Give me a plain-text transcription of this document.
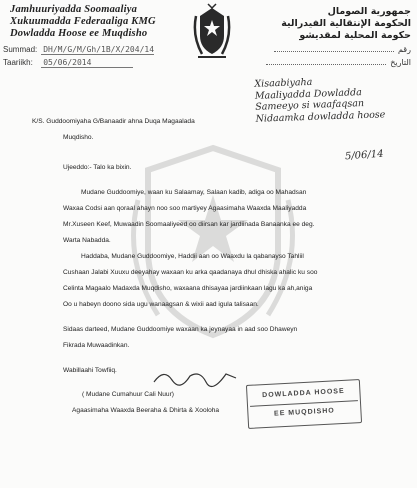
Jamhuuriyadda Soomaaliya
Xukuumadda Federaaliga KMG
Dowladda Hoose ee Muqdisho
جمهورية الصومال
الحكومة الإنتقالية الفيدرالية
حكومة المحلية لمقديشو
Summad: DH/M/G/M/Gh/1B/X/204/14
Taariikh: 05/06/2014
رقم
التاريخ
Xisaabiyaha
Maaliyadda Dowladda
Sameeyo si waafaqsan
Nidaamka dowladda hoose
5/06/14
K/S. Guddoomiyaha G/Banaadir ahna Duqa Magaalada
Muqdisho.
Ujeeddo:- Talo ka bixin.
Mudane Guddoomiye, waan ku Salaamay, Salaan kadib, adiga oo Mahadsan
Waxaa Codsi aan qoraal ahayn noo soo martiyey Agaasimaha Waaxda Maaliyadda
Mr.Xuseen Keef, Muwaadin Soomaaliyeed oo diirsan kar jardiinada Banaanka ee deg.
Warta Nabadda.
Haddaba, Mudane Guddoomiye, Haddii aan oo Waaxdu la qabanayso Tahliil
Cushaan Jalabi Xuuxu deeyahay waxaan ku arka qaadanaya dhul dhiska ahalic ku soo
Celinta Magaalo Madaxda Muqdisho, waxaana dhisayaa jardiinkaan lagu ka ah,aniga
Oo u habeyn doono sida ugu wanaagsan & wixii aad igula talisaan.
Sidaas darteed, Mudane Guddoomiye waxaan ka jeynayaa in aad soo Dhaweyn
Fikrada Muwaadinkan.
Wabillaahi Towfiiq.
( Mudane Cumahuur Cali Nuur)
Agaasimaha Waaxda Beeraha & Dhirta & Xooloha
DOWLADDA HOOSE
EE MUQDISHO
